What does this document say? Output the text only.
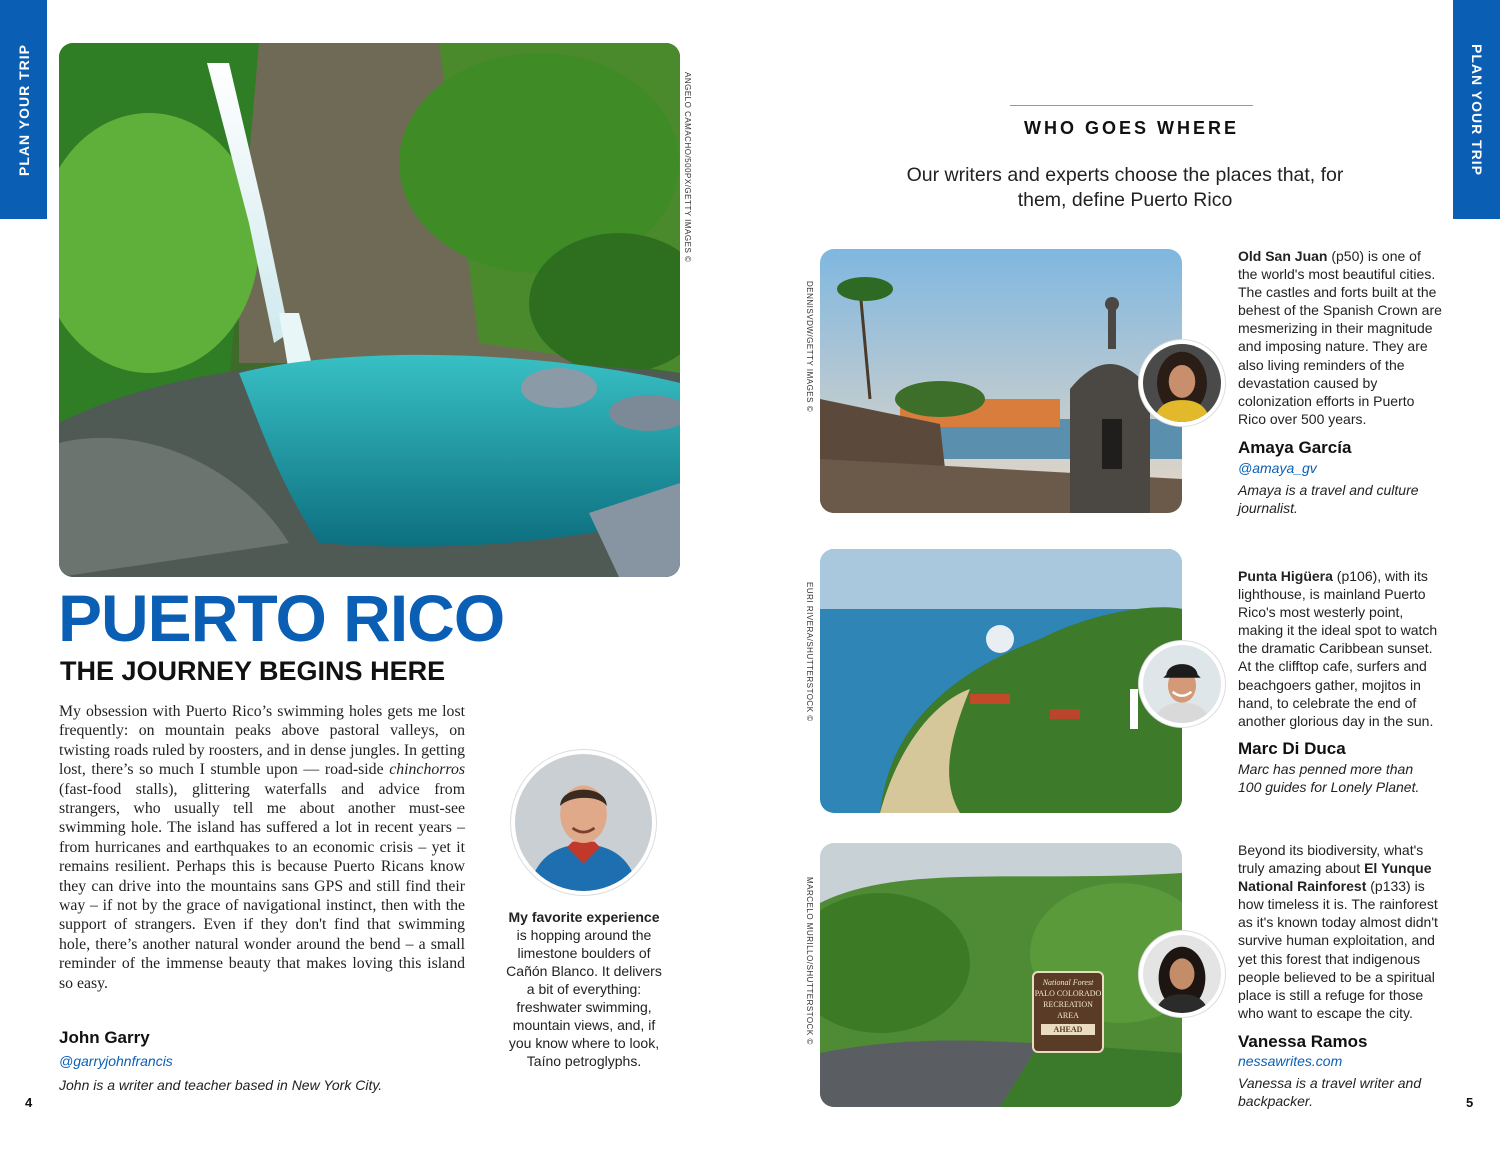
PLAN YOUR TRIP	PLAN YOUR TRIP
ANGELO CAMACHO/500PX/GETTY IMAGES ©
PUERTO RICO
THE JOURNEY BEGINS HERE
My obsession with Puerto Rico’s swimming holes gets me lost frequently: on mountain peaks above pastoral valleys, on twisting roads ruled by roosters, and in dense jungles. In getting lost, there’s so much I stumble upon — road-side chinchorros (fast-food stalls), glittering waterfalls and advice from strangers, who usually tell me about another must-see swimming hole. The island has suffered a lot in recent years – from hurricanes and earthquakes to an economic crisis – yet it remains resilient. Perhaps this is because Puerto Ricans know they can drive into the mountains sans GPS and still find their way – if not by the grace of navigational instinct, then with the support of strangers. Even if they don't find that swimming hole, there’s another natural wonder around the bend – a small reminder of the immense beauty that makes loving this island so easy.
John Garry
@garryjohnfrancis
John is a writer and teacher based in New York City.
My favorite experience is hopping around the limestone boulders of Cañón Blanco. It delivers a bit of everything: freshwater swimming, mountain views, and, if you know where to look, Taíno petroglyphs.
4
WHO GOES WHERE
Our writers and experts choose the places that, for them, define Puerto Rico
DENNISVDW/GETTY IMAGES ©
Old San Juan (p50) is one of the world's most beautiful cities. The castles and forts built at the behest of the Spanish Crown are mesmerizing in their magnitude and imposing nature. They are also living reminders of the devastation caused by colonization efforts in Puerto Rico over 500 years.
Amaya García
@amaya_gv
Amaya is a travel and culture journalist.
EURI RIVERA/SHUTTERSTOCK ©
Punta Higüera (p106), with its lighthouse, is mainland Puerto Rico's most westerly point, making it the ideal spot to watch the dramatic Caribbean sunset. At the clifftop cafe, surfers and beachgoers gather, mojitos in hand, to celebrate the end of another glorious day in the sun.
Marc Di Duca
Marc has penned more than 100 guides for Lonely Planet.
National Forest
PALO COLORADO
RECREATION
AREA
AHEAD
MARCELO MURILLO/SHUTTERSTOCK ©
Beyond its biodiversity, what's truly amazing about El Yunque National Rainforest (p133) is how timeless it is. The rainforest as it's known today almost didn't survive human exploitation, and yet this forest that indigenous people believed to be a spiritual place is still a refuge for those who want to escape the city.
Vanessa Ramos
nessawrites.com
Vanessa is a travel writer and backpacker.	5
